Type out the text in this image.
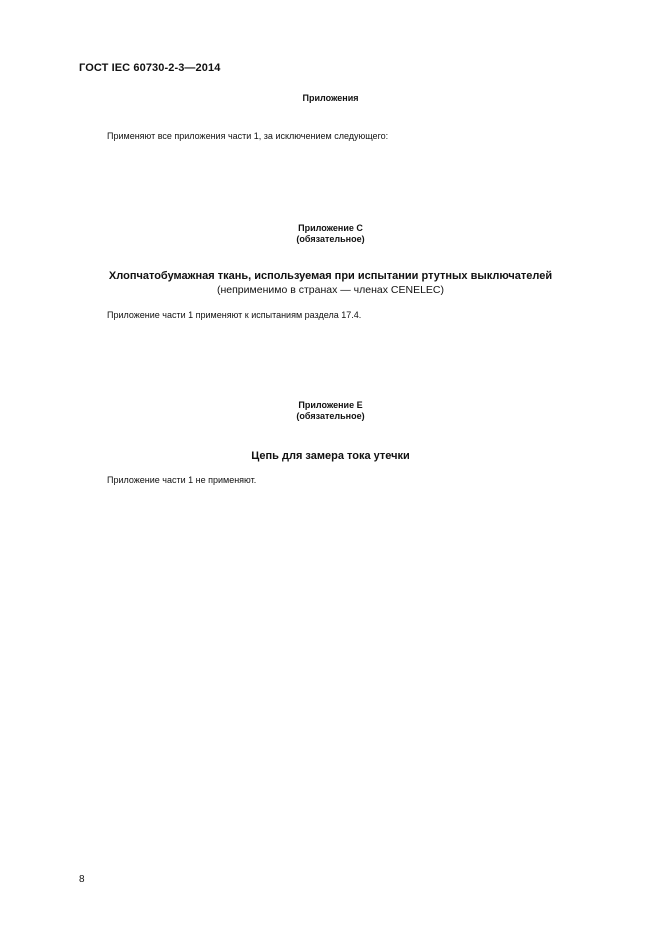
ГОСТ IEC 60730-2-3—2014
Приложения
Применяют все приложения части 1, за исключением следующего:
Приложение С
(обязательное)
Хлопчатобумажная ткань, используемая при испытании ртутных выключателей
(неприменимо в странах — членах CENELEC)
Приложение части 1 применяют к испытаниям раздела 17.4.
Приложение Е
(обязательное)
Цепь для замера тока утечки
Приложение части 1 не применяют.
8
